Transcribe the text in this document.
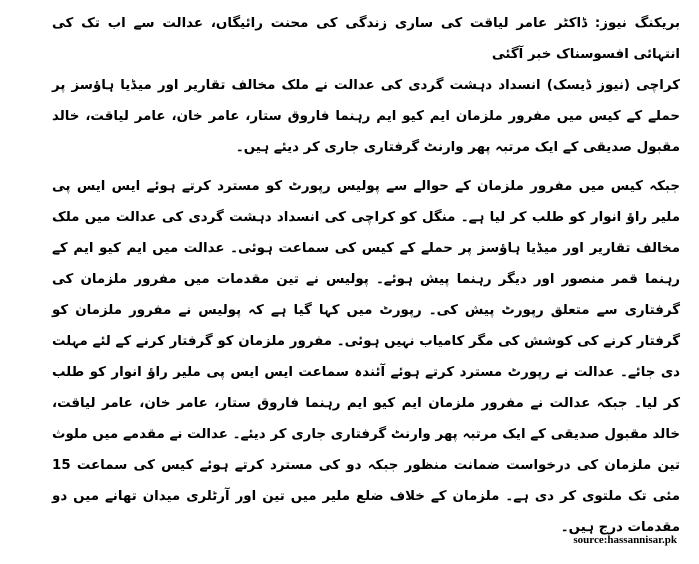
بریکنگ نیوز: ڈاکٹر عامر لیاقت کی ساری زندگی کی محنت رائیگاں، عدالت سے اب تک کی انتہائی افسوسناک خبر آگئی

کراچی (نیوز ڈیسک) انسداد دہشت گردی کی عدالت نے ملک مخالف تقاریر اور میڈیا ہاؤسز پر حملے کے کیس میں مفرور ملزمان ایم کیو ایم رہنما فاروق ستار، عامر خان، عامر لیاقت، خالد مقبول صدیقی کے ایک مرتبہ پھر وارنٹ گرفتاری جاری کر دیئے ہیں۔

جبکہ کیس میں مفرور ملزمان کے حوالے سے پولیس رپورٹ کو مسترد کرتے ہوئے ایس ایس پی ملیر راؤ انوار کو طلب کر لیا ہے۔ منگل کو کراچی کی انسداد دہشت گردی کی عدالت میں ملک مخالف تقاریر اور میڈیا ہاؤسز پر حملے کے کیس کی سماعت ہوئی۔ عدالت میں ایم کیو ایم کے رہنما قمر منصور اور دیگر رہنما پیش ہوئے۔ پولیس نے تین مقدمات میں مفرور ملزمان کی گرفتاری سے متعلق رپورٹ پیش کی۔ رپورٹ میں کہا گیا ہے کہ پولیس نے مفرور ملزمان کو گرفتار کرنے کی کوشش کی مگر کامیاب نہیں ہوئی۔ مفرور ملزمان کو گرفتار کرنے کے لئے مہلت دی جائے۔ عدالت نے رپورٹ مسترد کرتے ہوئے آئندہ سماعت ایس ایس پی ملیر راؤ انوار کو طلب کر لیا۔ جبکہ عدالت نے مفرور ملزمان ایم کیو ایم رہنما فاروق ستار، عامر خان، عامر لیاقت، خالد مقبول صدیقی کے ایک مرتبہ پھر وارنٹ گرفتاری جاری کر دیئے۔ عدالت نے مقدمے میں ملوث تین ملزمان کی درخواست ضمانت منظور جبکہ دو کی مسترد کرتے ہوئے کیس کی سماعت 15 مئی تک ملتوی کر دی ہے۔ ملزمان کے خلاف ضلع ملیر میں تین اور آرٹلری میدان تھانے میں دو مقدمات درج ہیں۔

source:hassannisar.pk
